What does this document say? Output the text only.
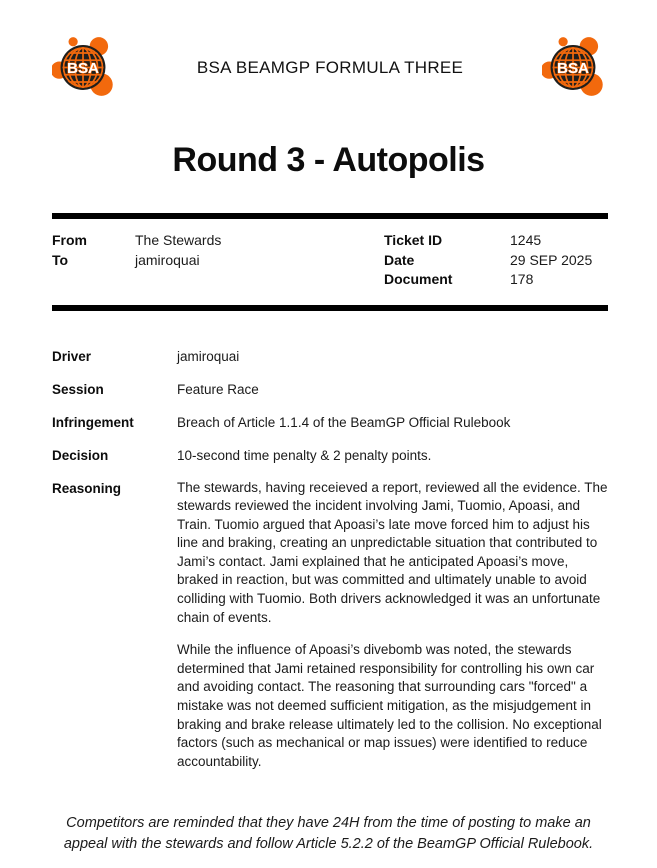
BSA	BSA BEAMGP FORMULA THREE	BSA
Round 3 - Autopolis
From	The Stewards
To	jamiroquai
Ticket ID	1245
Date	29 SEP 2025
Document	178
Driver	jamiroquai
Session	Feature Race
Infringement	Breach of Article 1.1.4 of the BeamGP Official Rulebook
Decision	10-second time penalty & 2 penalty points.
Reasoning	The stewards, having receieved a report, reviewed all the evidence. The stewards reviewed the incident involving Jami, Tuomio, Apoasi, and Train. Tuomio argued that Apoasi’s late move forced him to adjust his line and braking, creating an unpredictable situation that contributed to Jami’s contact. Jami explained that he anticipated Apoasi’s move, braked in reaction, but was committed and ultimately unable to avoid colliding with Tuomio. Both drivers acknowledged it was an unfortunate chain of events.

While the influence of Apoasi’s divebomb was noted, the stewards determined that Jami retained responsibility for controlling his own car and avoiding contact. The reasoning that surrounding cars "forced" a mistake was not deemed sufficient mitigation, as the misjudgement in braking and brake release ultimately led to the collision. No exceptional factors (such as mechanical or map issues) were identified to reduce accountability.

Competitors are reminded that they have 24H from the time of posting to make an appeal with the stewards and follow Article 5.2.2 of the BeamGP Official Rulebook.
